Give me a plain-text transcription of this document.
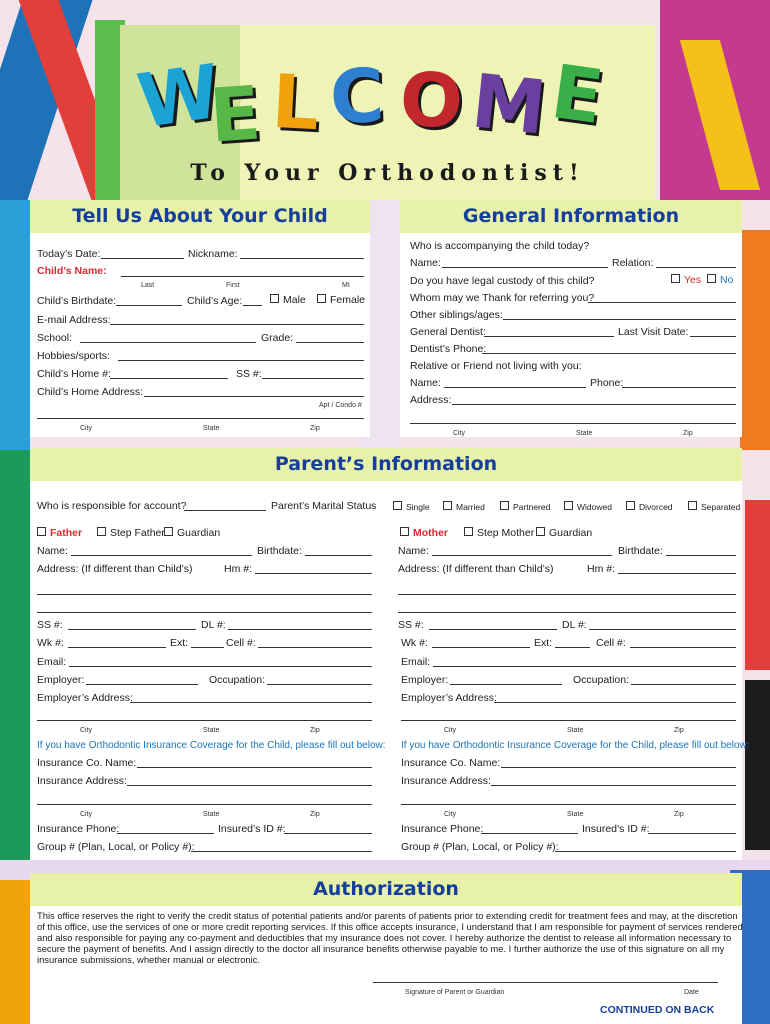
W
E L C O M
E
To Your Orthodontist!
Tell Us About Your Child
Today’s Date:	Nickname:
Child’s Name:
Last	First	MI
Child’s Birthdate:	Child’s Age:	Male	Female
E-mail Address:
School:	Grade:
Hobbies/sports:
Child’s Home #:	SS #:
Child’s Home Address:
Apt / Condo #
City	State	Zip
General Information
Who is accompanying the child today?
Name:	Relation:
Do you have legal custody of this child?	Yes	No
Whom may we Thank for referring you?
Other siblings/ages:
General Dentist:	Last Visit Date:
Dentist’s Phone:
Relative or Friend not living with you:
Name:	Phone:
Address:
City	State	Zip
Parent’s Information
Who is responsible for account?	Parent’s Marital Status	Single	Married	Partnered	Widowed	Divorced	Separated
Father	Step Father	Guardian
Name:	Birthdate:
Address: (If different than Child’s)	Hm #:
SS #:	DL #:
Wk #:	Ext:	Cell #:
Email:
Employer:	Occupation:
Employer’s Address:
City	State	Zip
If you have Orthodontic Insurance Coverage for the Child, please fill out below:
Insurance Co. Name:
Insurance Address:
City	State	Zip
Insurance Phone:	Insured’s ID #:
Group # (Plan, Local, or Policy #):
Mother	Step Mother	Guardian
Name:	Birthdate:
Address: (If different than Child’s)	Hm #:
SS #:	DL #:
Wk #:	Ext:	Cell #:
Email:
Employer:	Occupation:
Employer’s Address:
City	State	Zip
If you have Orthodontic Insurance Coverage for the Child, please fill out below:
Insurance Co. Name:
Insurance Address:
City	State	Zip
Insurance Phone:	Insured’s ID #:
Group # (Plan, Local, or Policy #):
Authorization
This office reserves the right to verify the credit status of potential patients and/or parents of patients prior to extending credit for treatment fees and may, at the discretion
of this office, use the services of one or more credit reporting services. If this office accepts insurance, I understand that I am responsible for payment of services rendered
and also responsible for paying any co-payment and deductibles that my insurance does not cover. I hereby authorize the dentist to release all information necessary to
secure the payment of benefits. And I assign directly to the doctor all insurance benefits otherwise payable to me. I further authorize the use of this signature on all my
insurance submissions, whether manual or electronic.
Signature of Parent or Guardian	Date
CONTINUED ON BACK
